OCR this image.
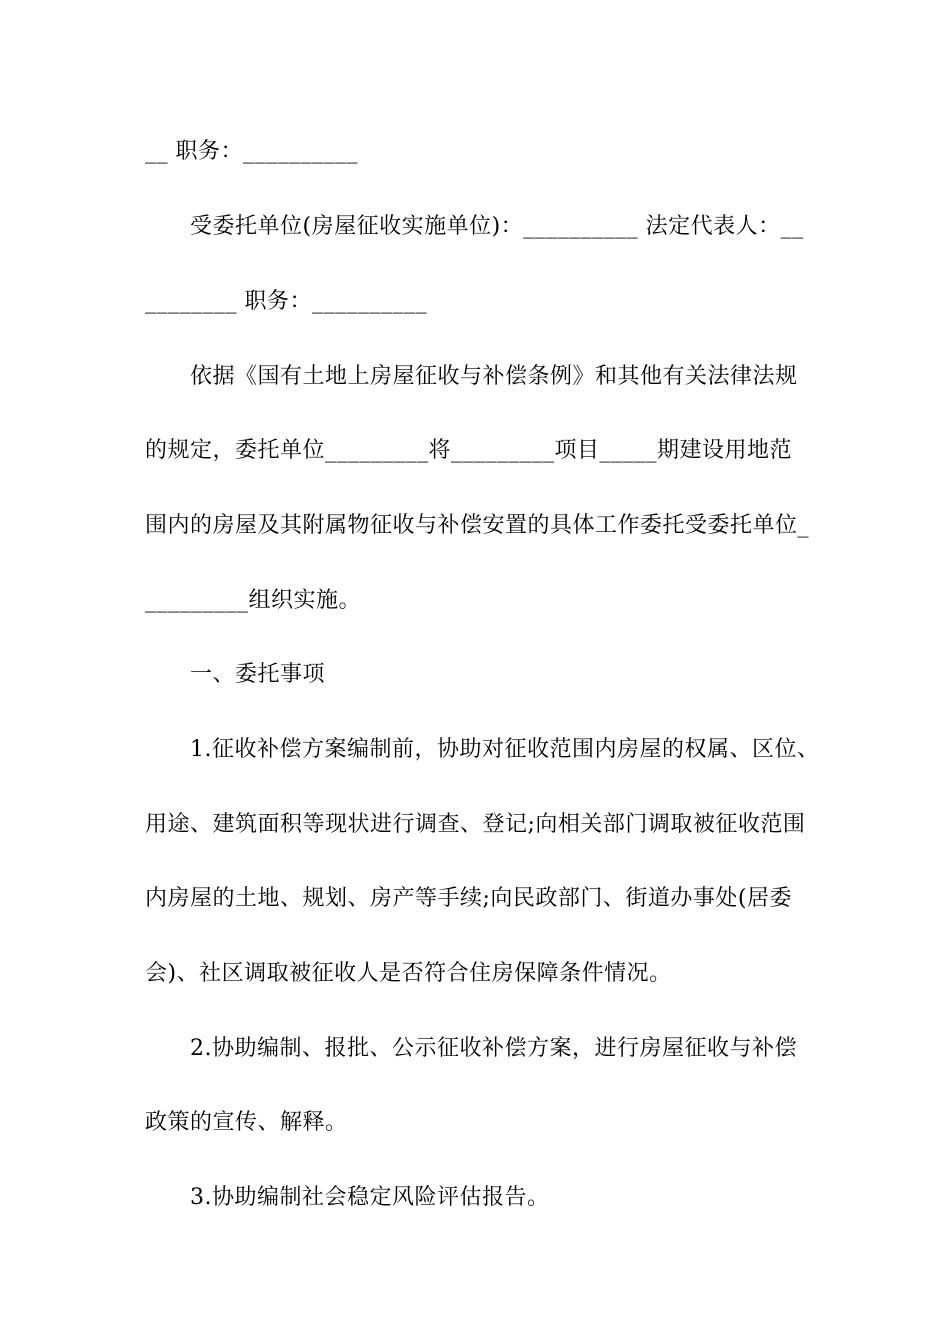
__ 职务：__________
受委托单位(房屋征收实施单位)：__________ 法定代表人：__
________ 职务：__________
依据《国有土地上房屋征收与补偿条例》和其他有关法律法规
的规定，委托单位_________将_________项目_____期建设用地范
围内的房屋及其附属物征收与补偿安置的具体工作委托受委托单位_
_________组织实施。
一、委托事项
1.征收补偿方案编制前，协助对征收范围内房屋的权属、区位、
用途、建筑面积等现状进行调查、登记;向相关部门调取被征收范围
内房屋的土地、规划、房产等手续;向民政部门、街道办事处(居委
会)、社区调取被征收人是否符合住房保障条件情况。
2.协助编制、报批、公示征收补偿方案，进行房屋征收与补偿
政策的宣传、解释。
3.协助编制社会稳定风险评估报告。
